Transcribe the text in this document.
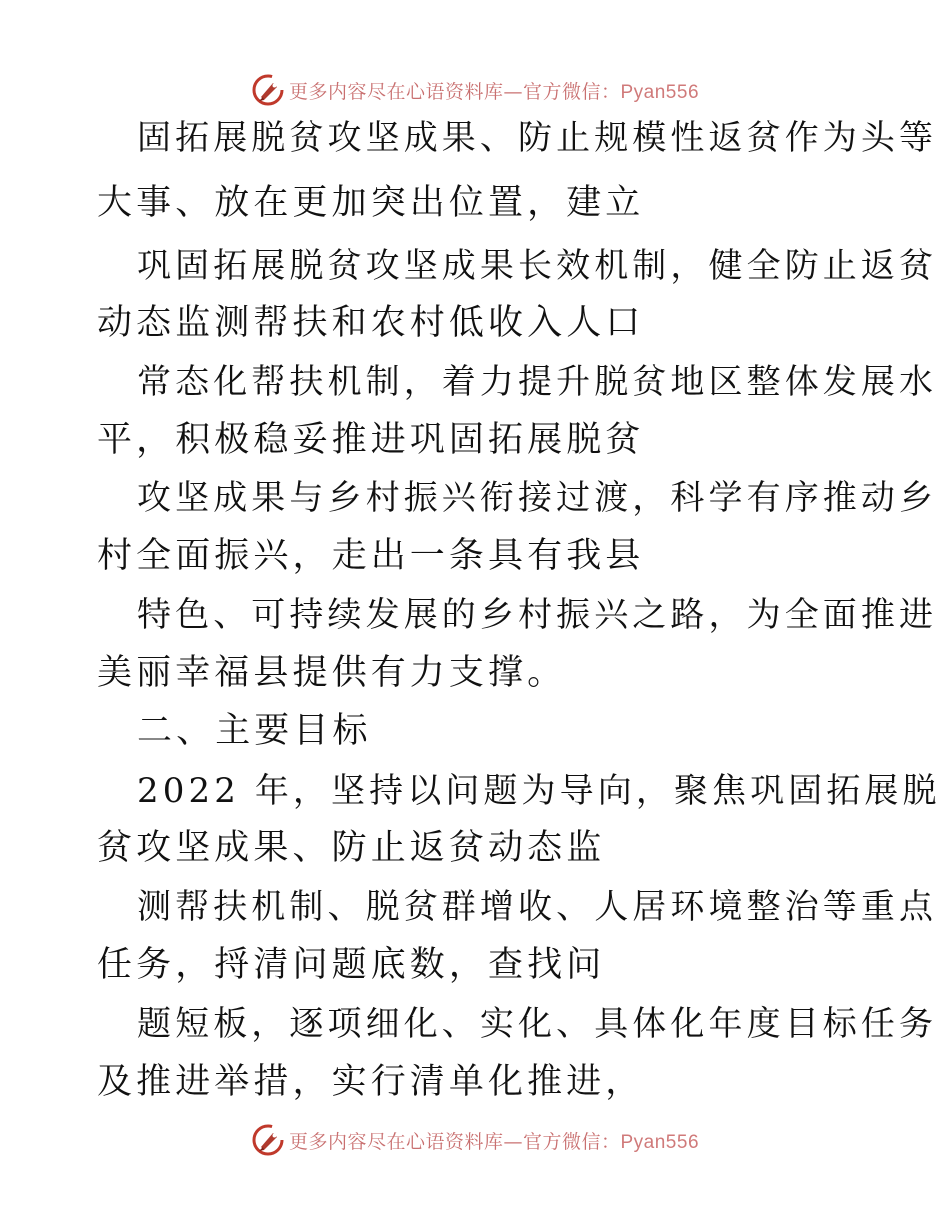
更多内容尽在心语资料库—官方微信：Pyan556
固拓展脱贫攻坚成果、防止规模性返贫作为头等
大事、放在更加突出位置，建立
巩固拓展脱贫攻坚成果长效机制，健全防止返贫
动态监测帮扶和农村低收入人口
常态化帮扶机制，着力提升脱贫地区整体发展水
平，积极稳妥推进巩固拓展脱贫
攻坚成果与乡村振兴衔接过渡，科学有序推动乡
村全面振兴，走出一条具有我县
特色、可持续发展的乡村振兴之路，为全面推进
美丽幸福县提供有力支撑。
二、主要目标
2022 年，坚持以问题为导向，聚焦巩固拓展脱
贫攻坚成果、防止返贫动态监
测帮扶机制、脱贫群增收、人居环境整治等重点
任务，捋清问题底数，查找问
题短板，逐项细化、实化、具体化年度目标任务
及推进举措，实行清单化推进，
更多内容尽在心语资料库—官方微信：Pyan556
